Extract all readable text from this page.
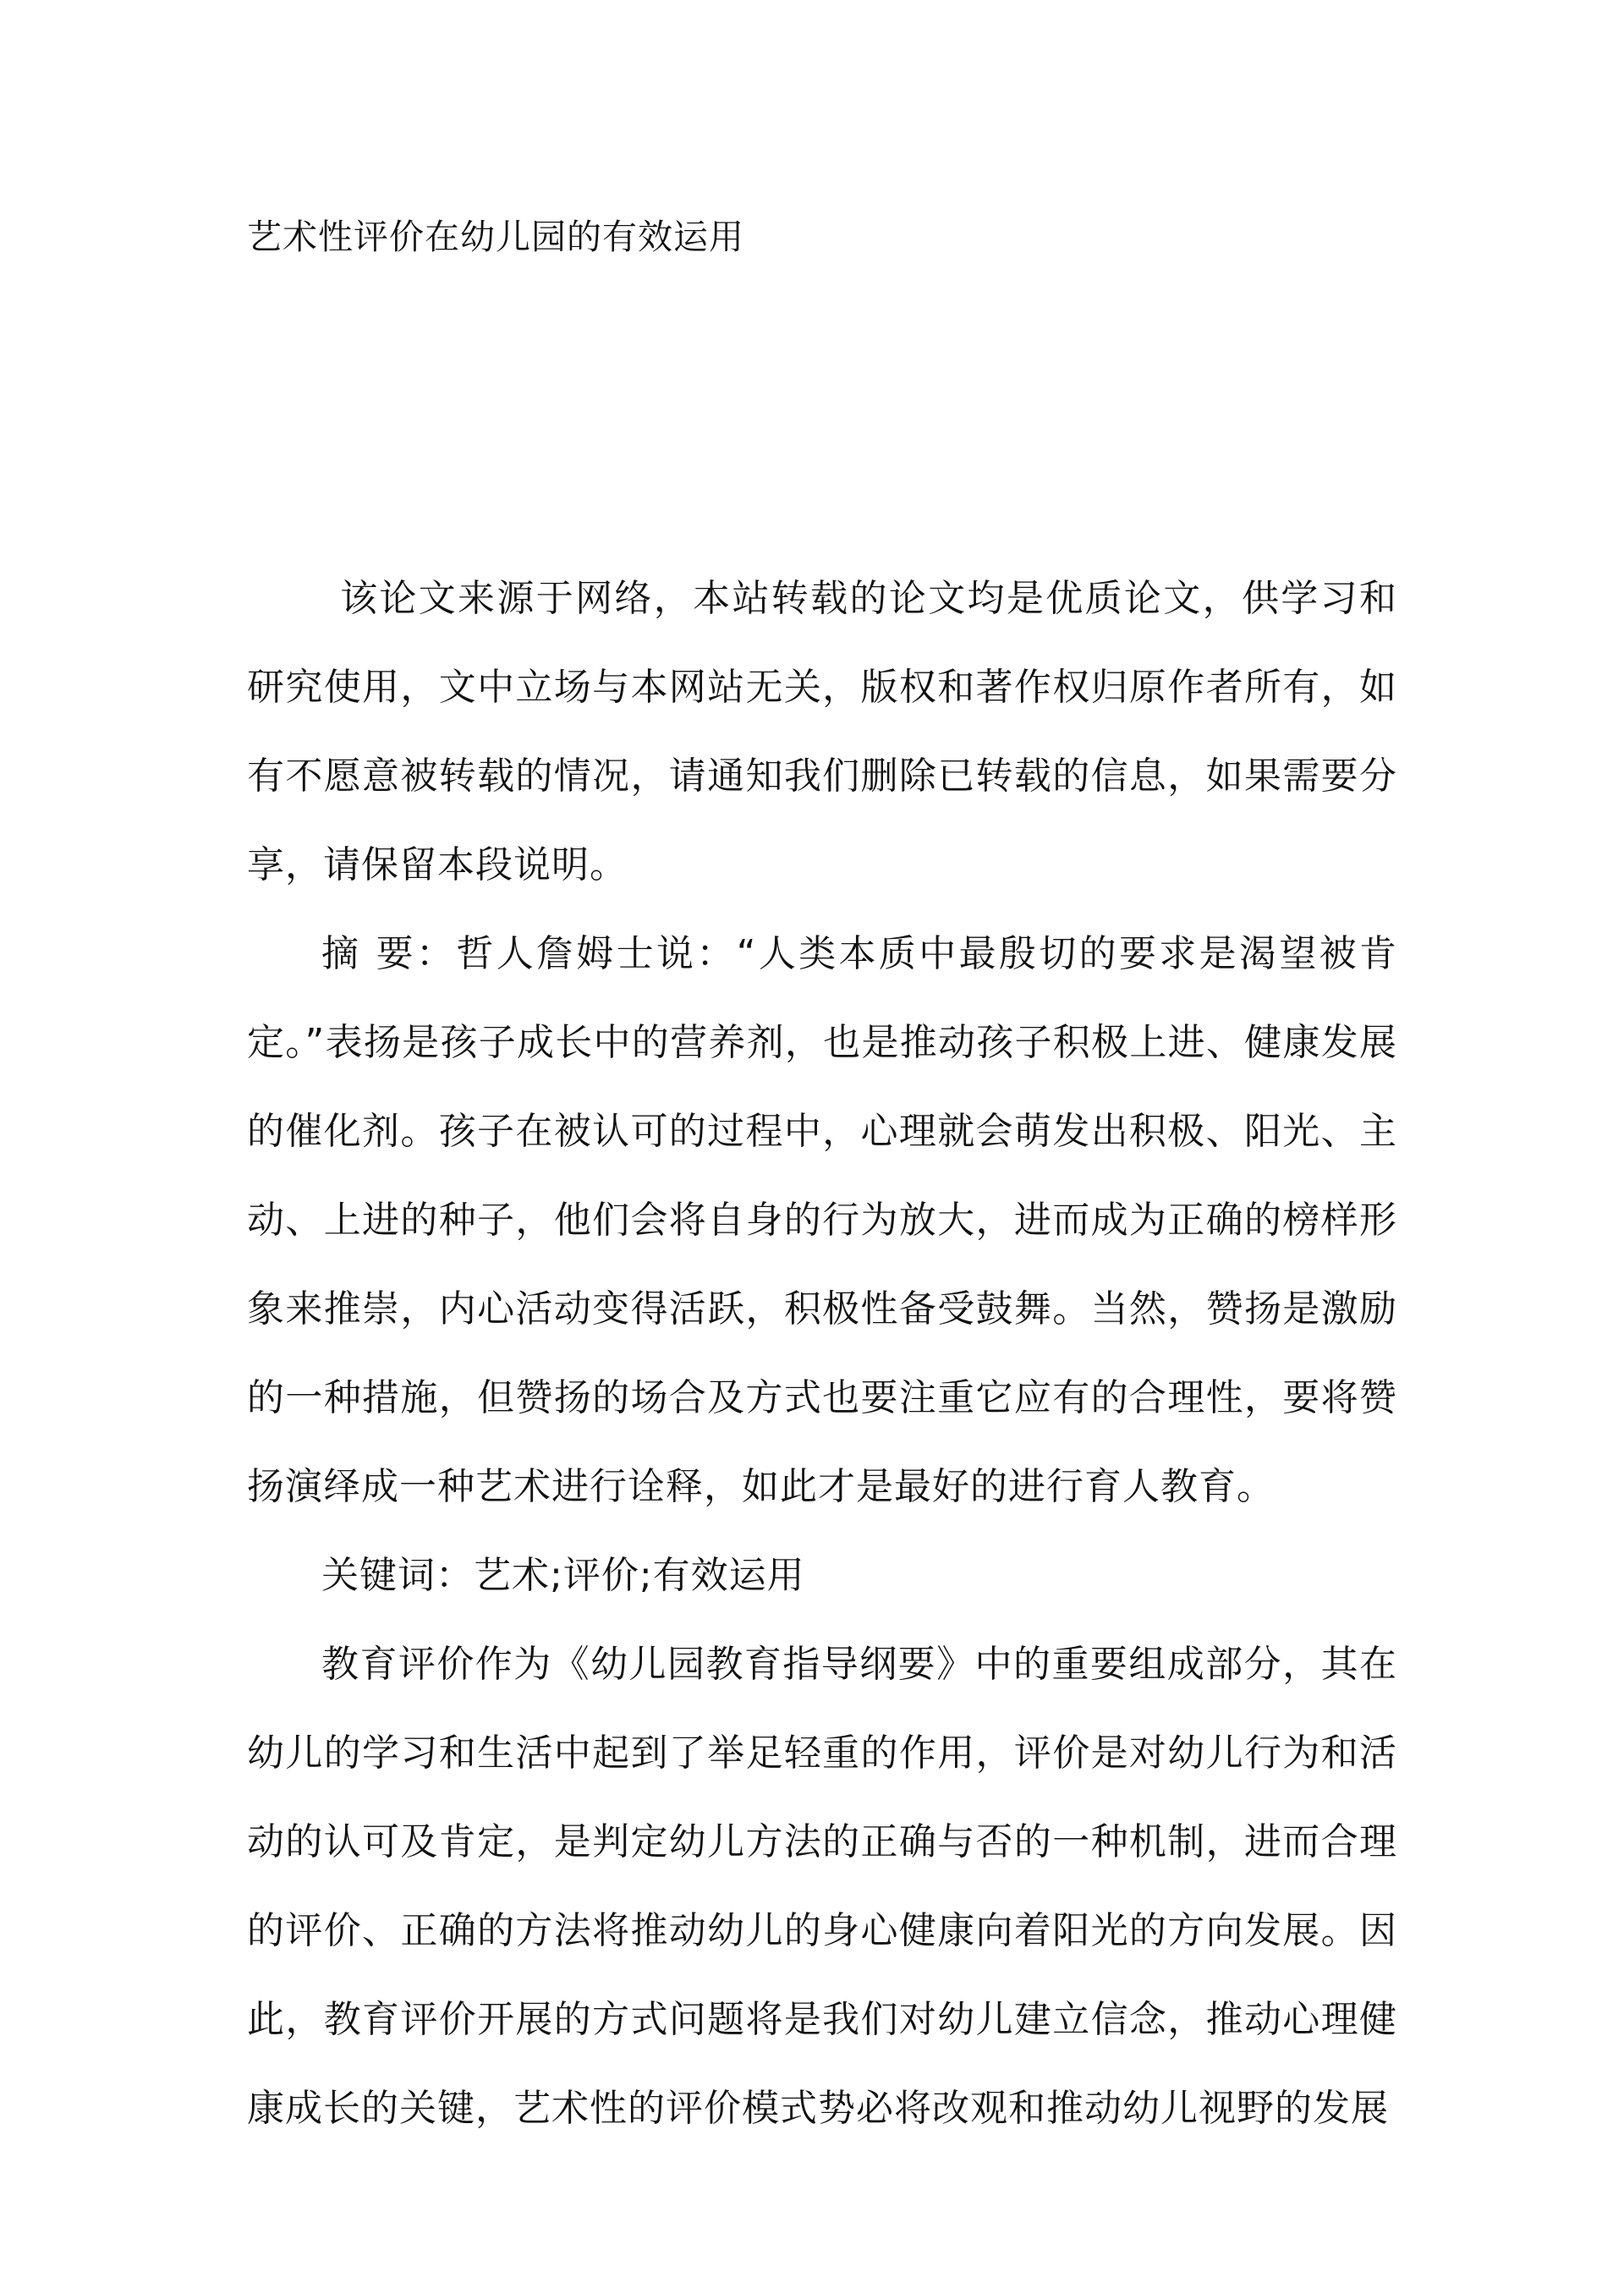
艺术性评价在幼儿园的有效运用

该论文来源于网络，本站转载的论文均是优质论文，供学习和研究使用，文中立场与本网站无关，版权和著作权归原作者所有，如有不愿意被转载的情况，请通知我们删除已转载的信息，如果需要分享，请保留本段说明。

摘 要：哲人詹姆士说：“人类本质中最殷切的要求是渴望被肯定。”表扬是孩子成长中的营养剂，也是推动孩子积极上进、健康发展的催化剂。孩子在被认可的过程中，心理就会萌发出积极、阳光、主动、上进的种子，他们会将自身的行为放大，进而成为正确的榜样形象来推崇，内心活动变得活跃，积极性备受鼓舞。当然，赞扬是激励的一种措施，但赞扬的场合及方式也要注重它应有的合理性，要将赞扬演绎成一种艺术进行诠释，如此才是最好的进行育人教育。

关键词：艺术;评价;有效运用

教育评价作为《幼儿园教育指导纲要》中的重要组成部分，其在幼儿的学习和生活中起到了举足轻重的作用，评价是对幼儿行为和活动的认可及肯定，是判定幼儿方法的正确与否的一种机制，进而合理的评价、正确的方法将推动幼儿的身心健康向着阳光的方向发展。因此，教育评价开展的方式问题将是我们对幼儿建立信念，推动心理健康成长的关键，艺术性的评价模式势必将改观和推动幼儿视野的发展
